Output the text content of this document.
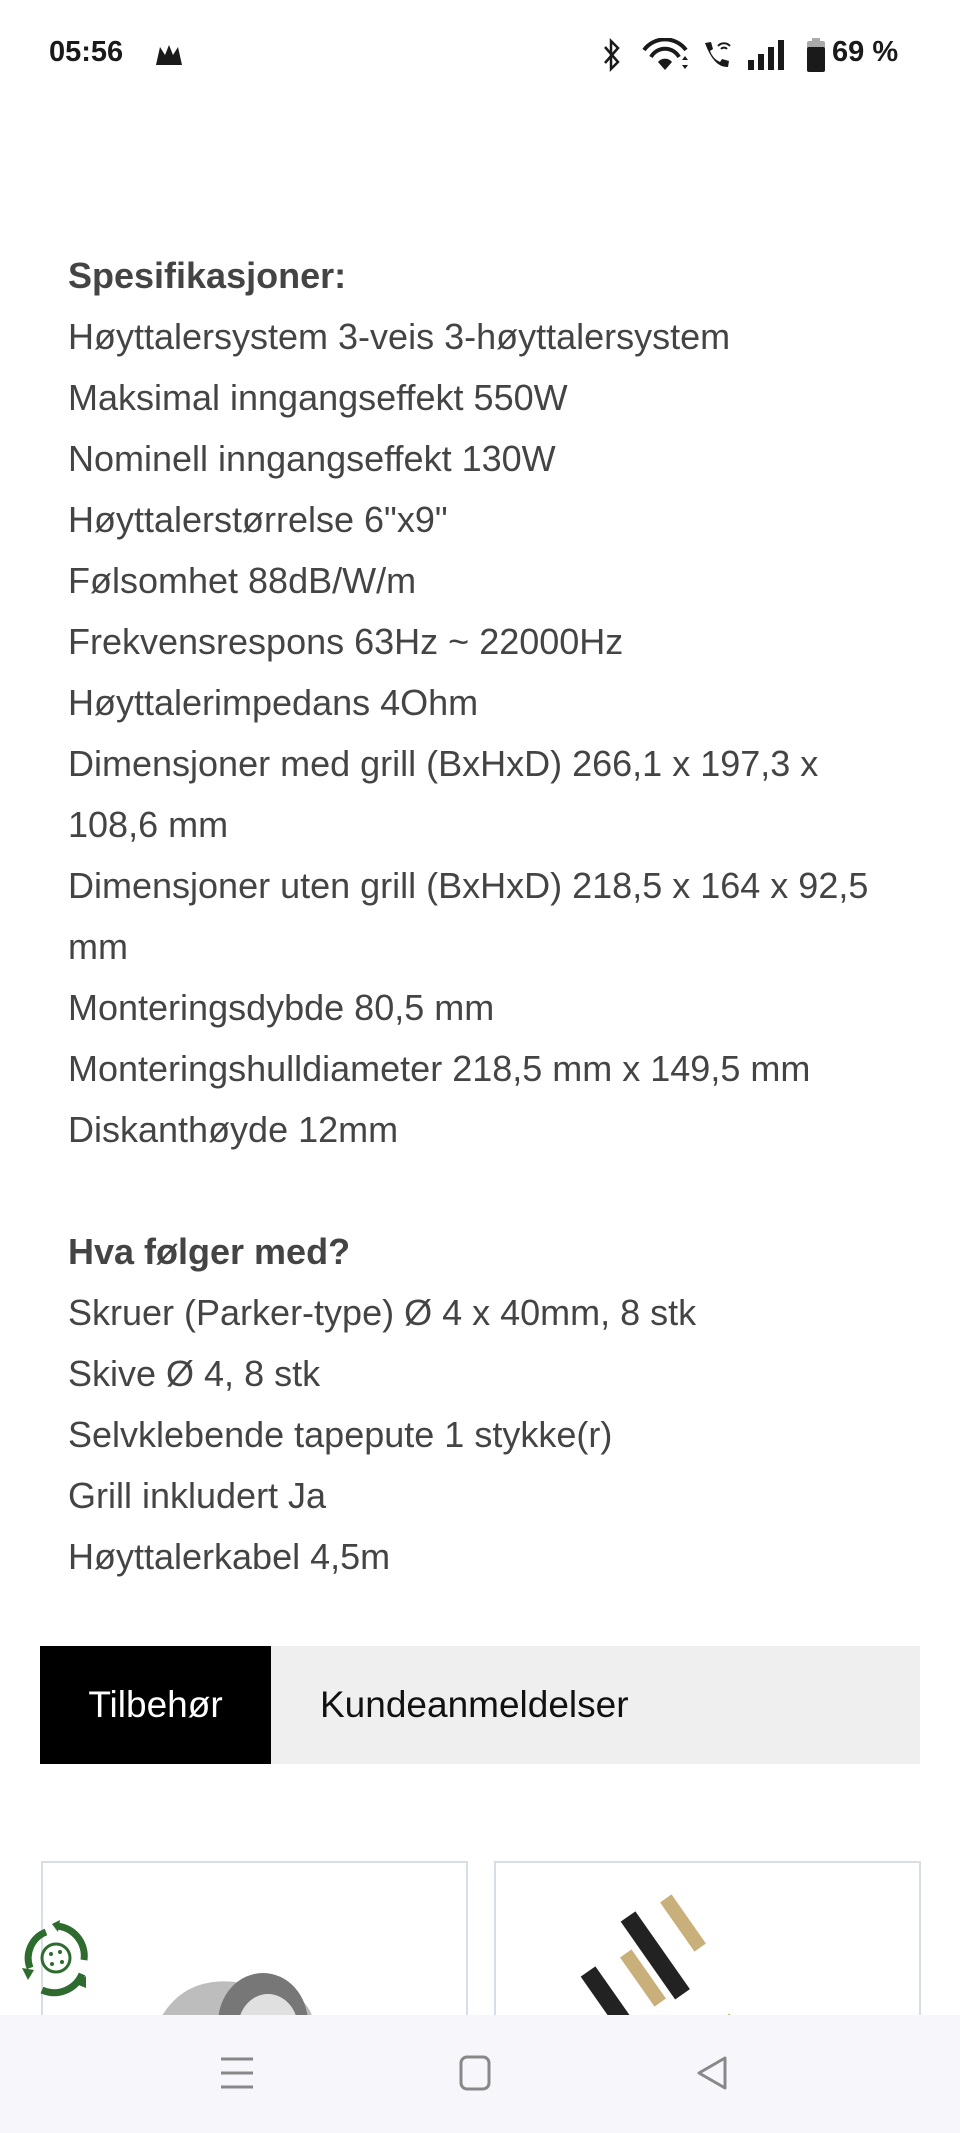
05:56	69 %

Spesifikasjoner:

Høyttalersystem 3-veis 3-høyttalersystem

Maksimal inngangseffekt 550W

Nominell inngangseffekt 130W

Høyttalerstørrelse 6"x9"

Følsomhet 88dB/W/m

Frekvensrespons 63Hz ~ 22000Hz

Høyttalerimpedans 4Ohm

Dimensjoner med grill (BxHxD) 266,1 x 197,3 x 108,6 mm

Dimensjoner uten grill (BxHxD) 218,5 x 164 x 92,5 mm

Monteringsdybde 80,5 mm

Monteringshulldiameter 218,5 mm x 149,5 mm

Diskanthøyde 12mm

Hva følger med?

Skruer (Parker-type) Ø 4 x 40mm, 8 stk

Skive Ø 4, 8 stk

Selvklebende tapepute 1 stykke(r)

Grill inkludert Ja

Høyttalerkabel 4,5m

Tilbehør	Kundeanmeldelser
